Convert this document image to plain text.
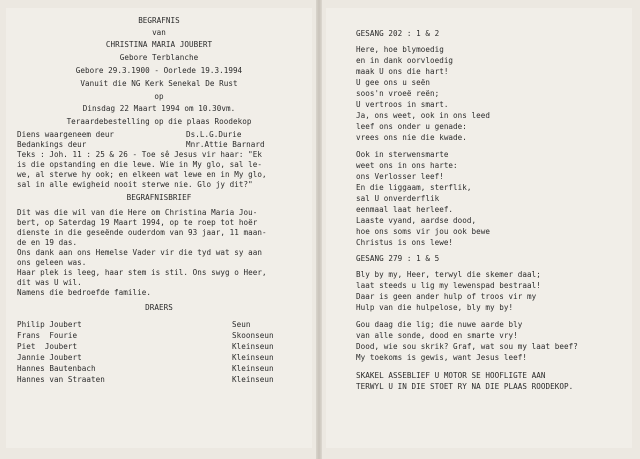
BEGRAFNIS
van
CHRISTINA MARIA JOUBERT
Gebore Terblanche
Gebore 29.3.1900 - Oorlede 19.3.1994
Vanuit die NG Kerk Senekal De Rust
op
Dinsdag 22 Maart 1994 om 10.30vm.
Teraardebestelling op die plaas Roodekop
Diens waargeneem deur	Ds.L.G.Durie
Bedankings deur	Mnr.Attie Barnard
Teks : Joh. 11 : 25 & 26 - Toe sê Jesus vir haar: "Ek
is die opstanding en die lewe. Wie in My glo, sal le-
we, al sterwe hy ook; en elkeen wat lewe en in My glo,
sal in alle ewigheid nooit sterwe nie. Glo jy dit?"
BEGRAFNISBRIEF
Dit was die wil van die Here om Christina Maria Jou-
bert, op Saterdag 19 Maart 1994, op te roep tot hoër
dienste in die geseënde ouderdom van 93 jaar, 11 maan-
de en 19 das.
Ons dank aan ons Hemelse Vader vir die tyd wat sy aan
ons geleen was.
Haar plek is leeg, haar stem is stil. Ons swyg o Heer,
dit was U wil.
Namens die bedroefde familie.
DRAERS
Philip Joubert	Seun
Frans  Fourie	Skoonseun
Piet  Joubert	Kleinseun
Jannie Joubert	Kleinseun
Hannes Bautenbach	Kleinseun
Hannes van Straaten	Kleinseun
GESANG 202 : 1 & 2
Here, hoe blymoedig
en in dank oorvloedig
maak U ons die hart!
U gee ons u seën
soos'n vroeë reën;
U vertroos in smart.
Ja, ons weet, ook in ons leed
leef ons onder u genade:
vrees ons nie die kwade.
Ook in sterwensmarte
weet ons in ons harte:
ons Verlosser leef!
En die liggaam, sterflik,
sal U onverderflik
eenmaal laat herleef.
Laaste vyand, aardse dood,
hoe ons soms vir jou ook bewe
Christus is ons lewe!
GESANG 279 : 1 & 5
Bly by my, Heer, terwyl die skemer daal;
laat steeds u lig my lewenspad bestraal!
Daar is geen ander hulp of troos vir my
Hulp van die hulpelose, bly my by!
Gou daag die lig; die nuwe aarde bly
van alle sonde, dood en smarte vry!
Dood, wie sou skrik? Graf, wat sou my laat beef?
My toekoms is gewis, want Jesus leef!
SKAKEL ASSEBLIEF U MOTOR SE HOOFLIGTE AAN
TERWYL U IN DIE STOET RY NA DIE PLAAS ROODEKOP.
